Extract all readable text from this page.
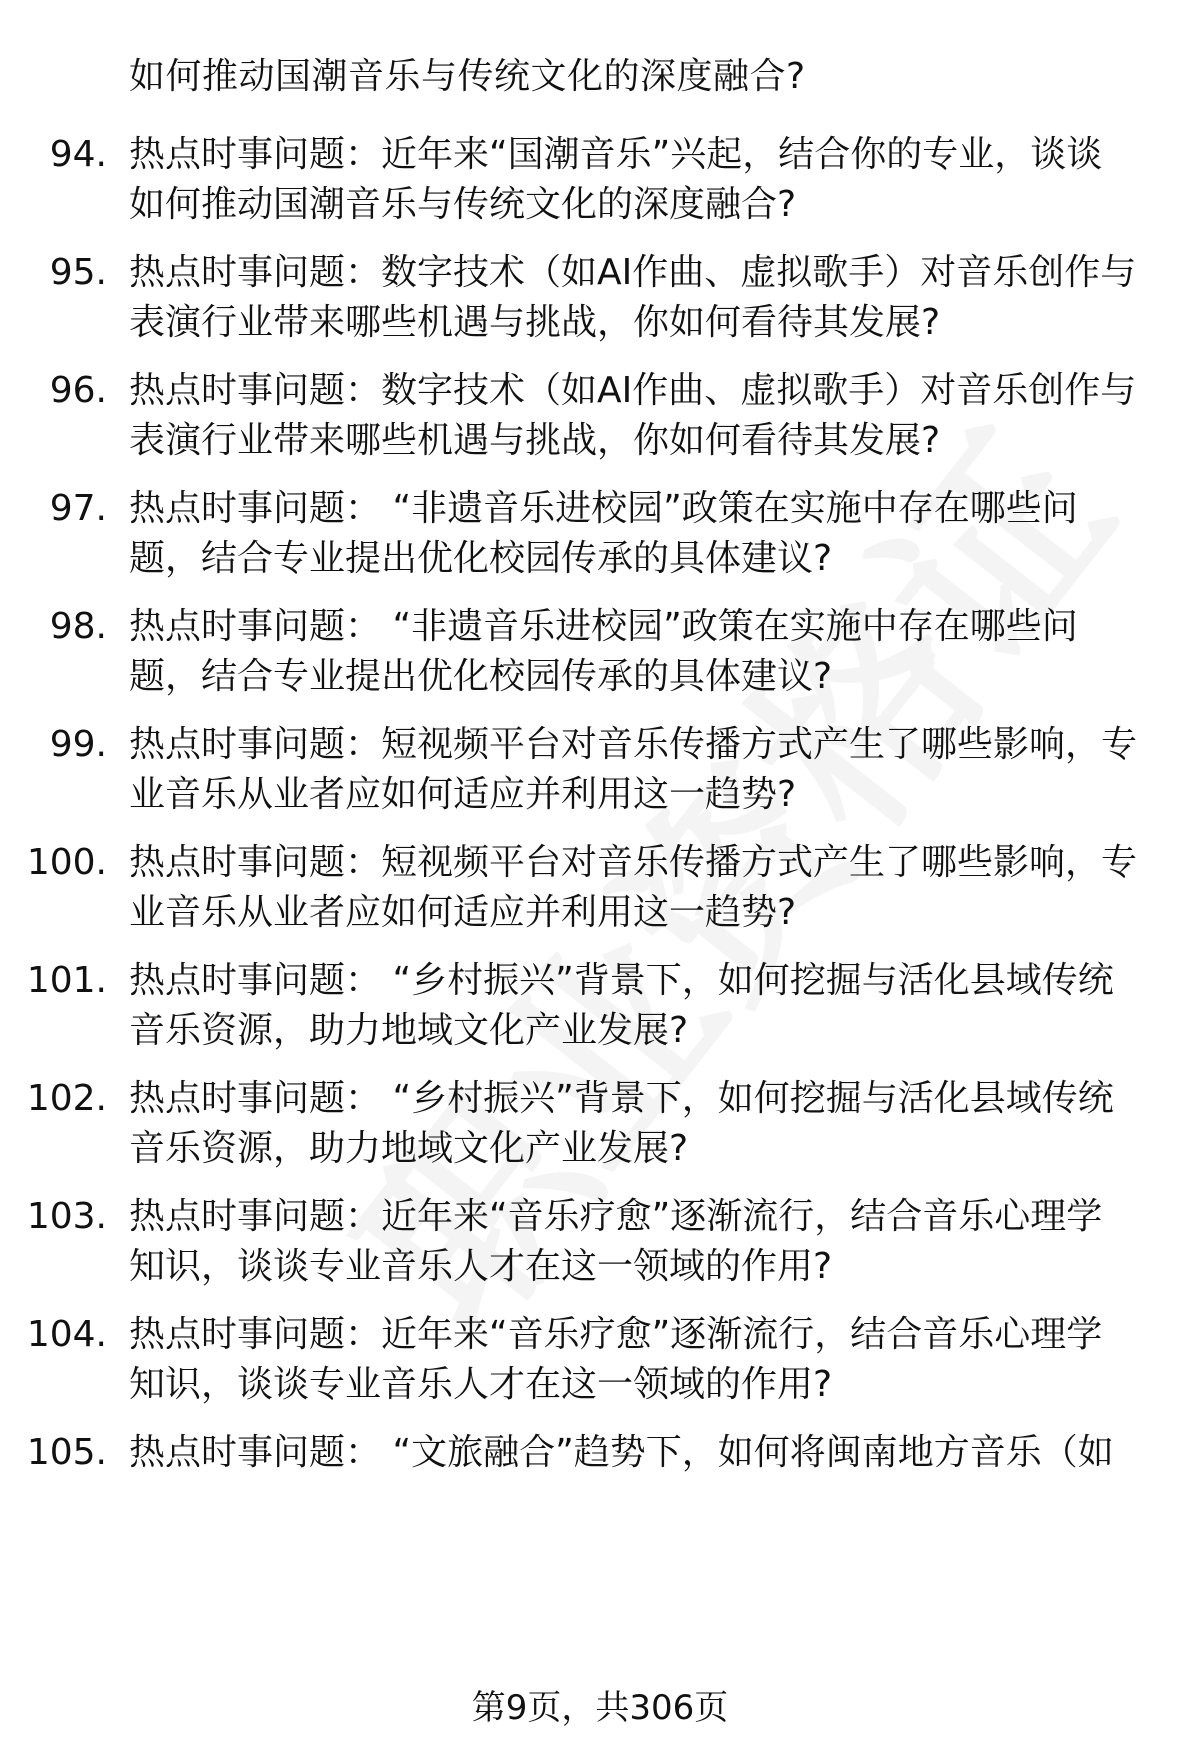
如何推动国潮音乐与传统文化的深度融合?
94. 热点时事问题：近年来“国潮音乐”兴起，结合你的专业，谈谈
如何推动国潮音乐与传统文化的深度融合?
95. 热点时事问题：数字技术（如AI作曲、虚拟歌手）对音乐创作与
表演行业带来哪些机遇与挑战，你如何看待其发展?
96. 热点时事问题：数字技术（如AI作曲、虚拟歌手）对音乐创作与
表演行业带来哪些机遇与挑战，你如何看待其发展?
97. 热点时事问题： “非遗音乐进校园”政策在实施中存在哪些问
题，结合专业提出优化校园传承的具体建议?
98. 热点时事问题： “非遗音乐进校园”政策在实施中存在哪些问
题，结合专业提出优化校园传承的具体建议?
99. 热点时事问题：短视频平台对音乐传播方式产生了哪些影响，专
业音乐从业者应如何适应并利用这一趋势?
100. 热点时事问题：短视频平台对音乐传播方式产生了哪些影响，专
业音乐从业者应如何适应并利用这一趋势?
101. 热点时事问题： “乡村振兴”背景下，如何挖掘与活化县域传统
音乐资源，助力地域文化产业发展?
102. 热点时事问题： “乡村振兴”背景下，如何挖掘与活化县域传统
音乐资源，助力地域文化产业发展?
103. 热点时事问题：近年来“音乐疗愈”逐渐流行，结合音乐心理学
知识，谈谈专业音乐人才在这一领域的作用?
104. 热点时事问题：近年来“音乐疗愈”逐渐流行，结合音乐心理学
知识，谈谈专业音乐人才在这一领域的作用?
105. 热点时事问题： “文旅融合”趋势下，如何将闽南地方音乐（如
第9页，共306页
